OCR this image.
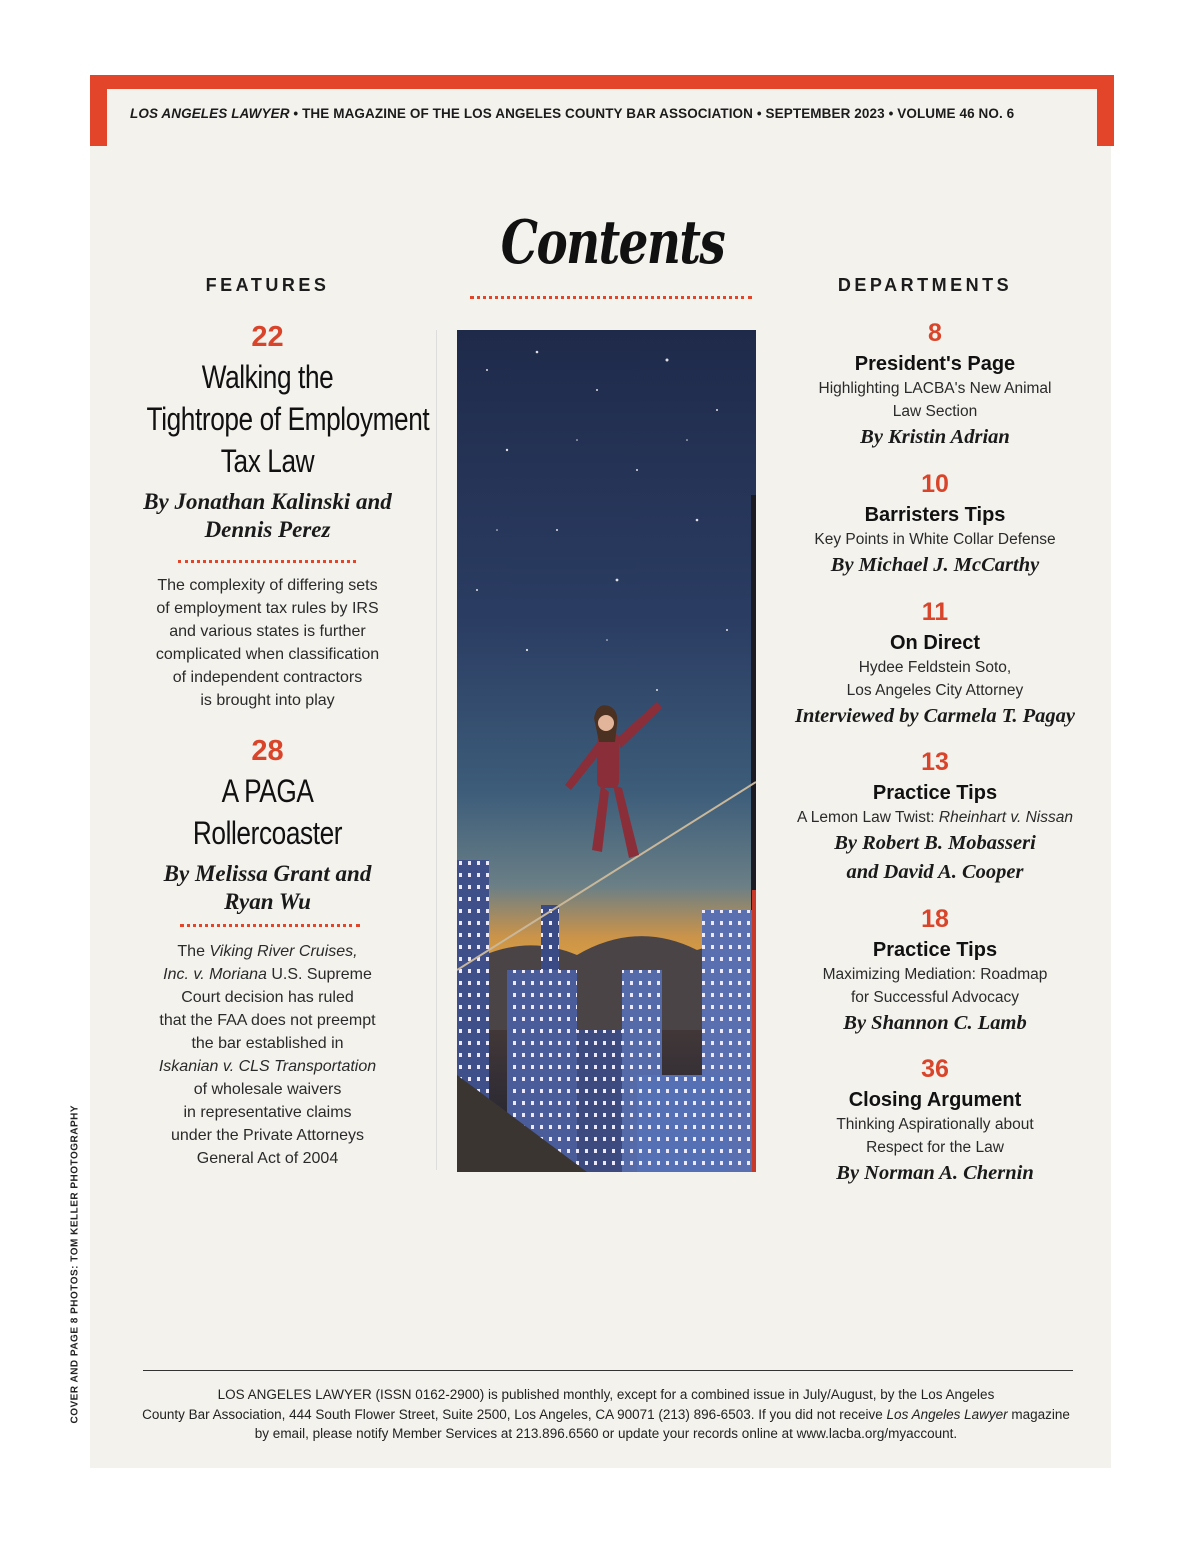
LOS ANGELES LAWYER • THE MAGAZINE OF THE LOS ANGELES COUNTY BAR ASSOCIATION • SEPTEMBER 2023 • VOLUME 46 NO. 6
Contents
FEATURES	DEPARTMENTS
22
Walking the
Tightrope of Employment
Tax Law
By Jonathan Kalinski and
Dennis Perez
The complexity of differing sets
of employment tax rules by IRS
and various states is further
complicated when classification
of independent contractors
is brought into play
28
A PAGA
Rollercoaster
By Melissa Grant and
Ryan Wu
The Viking River Cruises,
Inc. v. Moriana U.S. Supreme
Court decision has ruled
that the FAA does not preempt
the bar established in
Iskanian v. CLS Transportation
of wholesale waivers
in representative claims
under the Private Attorneys
General Act of 2004
8
President's Page
Highlighting LACBA's New Animal
Law Section
By Kristin Adrian
10
Barristers Tips
Key Points in White Collar Defense
By Michael J. McCarthy
11
On Direct
Hydee Feldstein Soto,
Los Angeles City Attorney
Interviewed by Carmela T. Pagay
13
Practice Tips
A Lemon Law Twist: Rheinhart v. Nissan
By Robert B. Mobasseri
and David A. Cooper
18
Practice Tips
Maximizing Mediation: Roadmap
for Successful Advocacy
By Shannon C. Lamb
36
Closing Argument
Thinking Aspirationally about
Respect for the Law
By Norman A. Chernin
LOS ANGELES LAWYER (ISSN 0162-2900) is published monthly, except for a combined issue in July/August, by the Los Angeles
County Bar Association, 444 South Flower Street, Suite 2500, Los Angeles, CA 90071 (213) 896-6503. If you did not receive Los Angeles Lawyer magazine
by email, please notify Member Services at 213.896.6560 or update your records online at www.lacba.org/myaccount.
COVER AND PAGE 8 PHOTOS: TOM KELLER PHOTOGRAPHY
